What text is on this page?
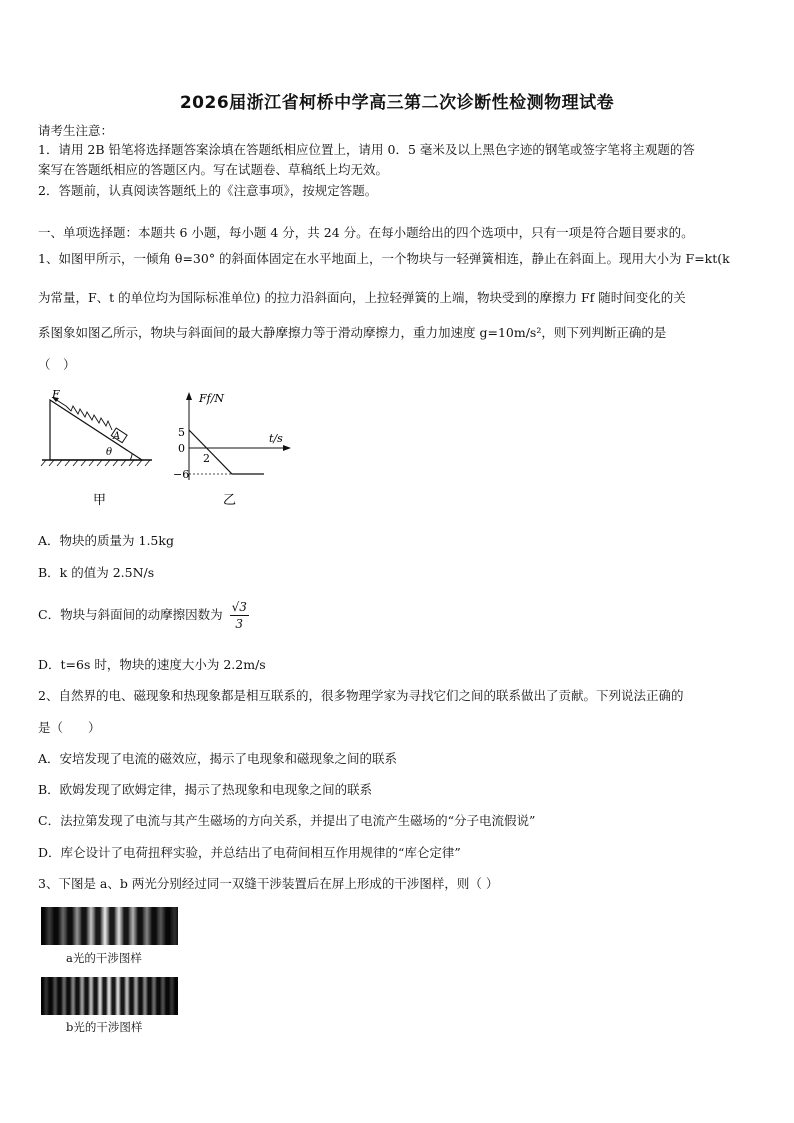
2026届浙江省柯桥中学高三第二次诊断性检测物理试卷
请考生注意：
1．请用 2B 铅笔将选择题答案涂填在答题纸相应位置上，请用 0．5 毫米及以上黑色字迹的钢笔或签字笔将主观题的答
案写在答题纸相应的答题区内。写在试题卷、草稿纸上均无效。
2．答题前，认真阅读答题纸上的《注意事项》，按规定答题。
一、单项选择题：本题共 6 小题，每小题 4 分，共 24 分。在每小题给出的四个选项中，只有一项是符合题目要求的。
1、如图甲所示，一倾角 θ=30° 的斜面体固定在水平地面上，一个物块与一轻弹簧相连，静止在斜面上。现用大小为 F=kt(k
为常量，F、t 的单位均为国际标准单位) 的拉力沿斜面向，上拉轻弹簧的上端，物块受到的摩擦力 Ff 随时间变化的关
系图象如图乙所示，物块与斜面间的最大静摩擦力等于滑动摩擦力，重力加速度 g=10m/s²，则下列判断正确的是
（　）
A
F
θ
甲
Ff/N
t/s
5
0
−6
2
乙
A．物块的质量为 1.5kg
B．k 的值为 2.5N/s
C．物块与斜面间的动摩擦因数为 $\frac{√3}{3}$
D．t=6s 时，物块的速度大小为 2.2m/s
2、自然界的电、磁现象和热现象都是相互联系的，很多物理学家为寻找它们之间的联系做出了贡献。下列说法正确的
是（　　）
A．安培发现了电流的磁效应，揭示了电现象和磁现象之间的联系
B．欧姆发现了欧姆定律，揭示了热现象和电现象之间的联系
C．法拉第发现了电流与其产生磁场的方向关系，并提出了电流产生磁场的“分子电流假说”
D．库仑设计了电荷扭秤实验，并总结出了电荷间相互作用规律的“库仑定律”
3、下图是 a、b 两光分别经过同一双缝干涉装置后在屏上形成的干涉图样，则（ ）
a光的干涉图样
b光的干涉图样
